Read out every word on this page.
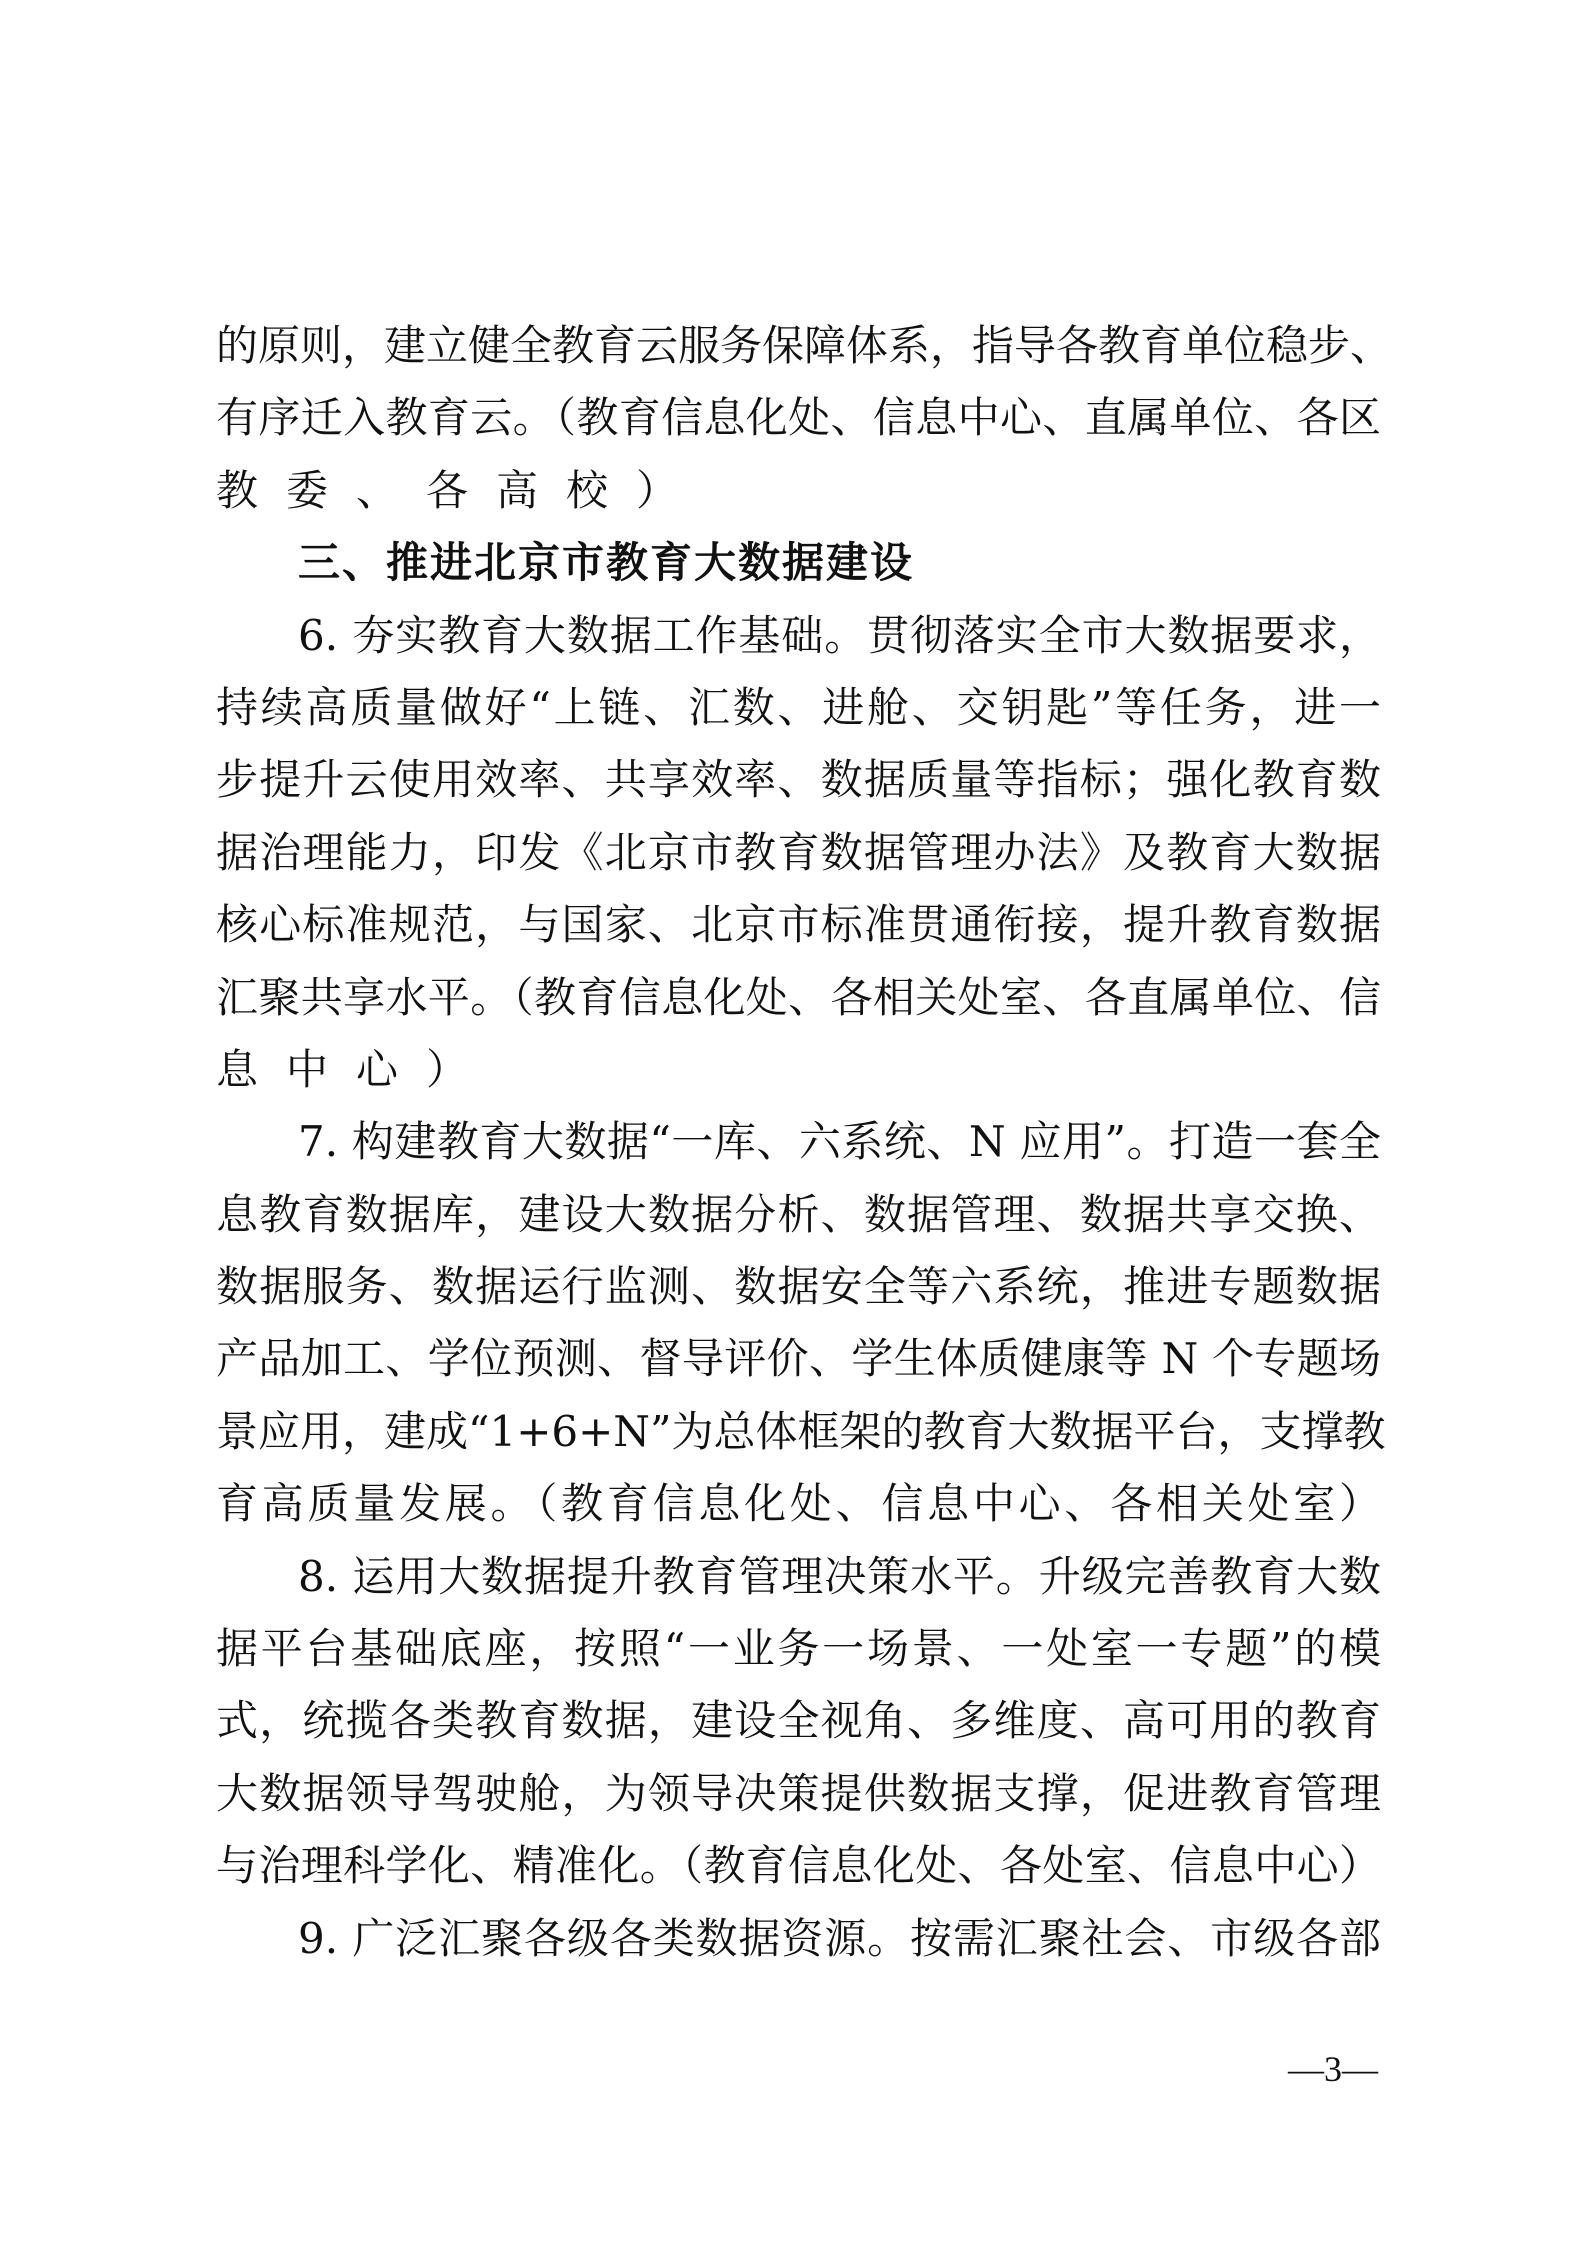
的原则，建立健全教育云服务保障体系，指导各教育单位稳步、
有序迁入教育云。（教育信息化处、信息中心、直属单位、各区
教委、各高校）
三、推进北京市教育大数据建设
6. 夯实教育大数据工作基础。贯彻落实全市大数据要求，
持续高质量做好“上链、汇数、进舱、交钥匙”等任务，进一
步提升云使用效率、共享效率、数据质量等指标；强化教育数
据治理能力，印发《北京市教育数据管理办法》及教育大数据
核心标准规范，与国家、北京市标准贯通衔接，提升教育数据
汇聚共享水平。（教育信息化处、各相关处室、各直属单位、信
息中心）
7. 构建教育大数据“一库、六系统、N 应用”。打造一套全
息教育数据库，建设大数据分析、数据管理、数据共享交换、
数据服务、数据运行监测、数据安全等六系统，推进专题数据
产品加工、学位预测、督导评价、学生体质健康等 N 个专题场
景应用，建成“1+6+N”为总体框架的教育大数据平台，支撑教
育高质量发展。（教育信息化处、信息中心、各相关处室）
8. 运用大数据提升教育管理决策水平。升级完善教育大数
据平台基础底座，按照“一业务一场景、一处室一专题”的模
式，统揽各类教育数据，建设全视角、多维度、高可用的教育
大数据领导驾驶舱，为领导决策提供数据支撑，促进教育管理
与治理科学化、精准化。（教育信息化处、各处室、信息中心）
9. 广泛汇聚各级各类数据资源。按需汇聚社会、市级各部
—3—
